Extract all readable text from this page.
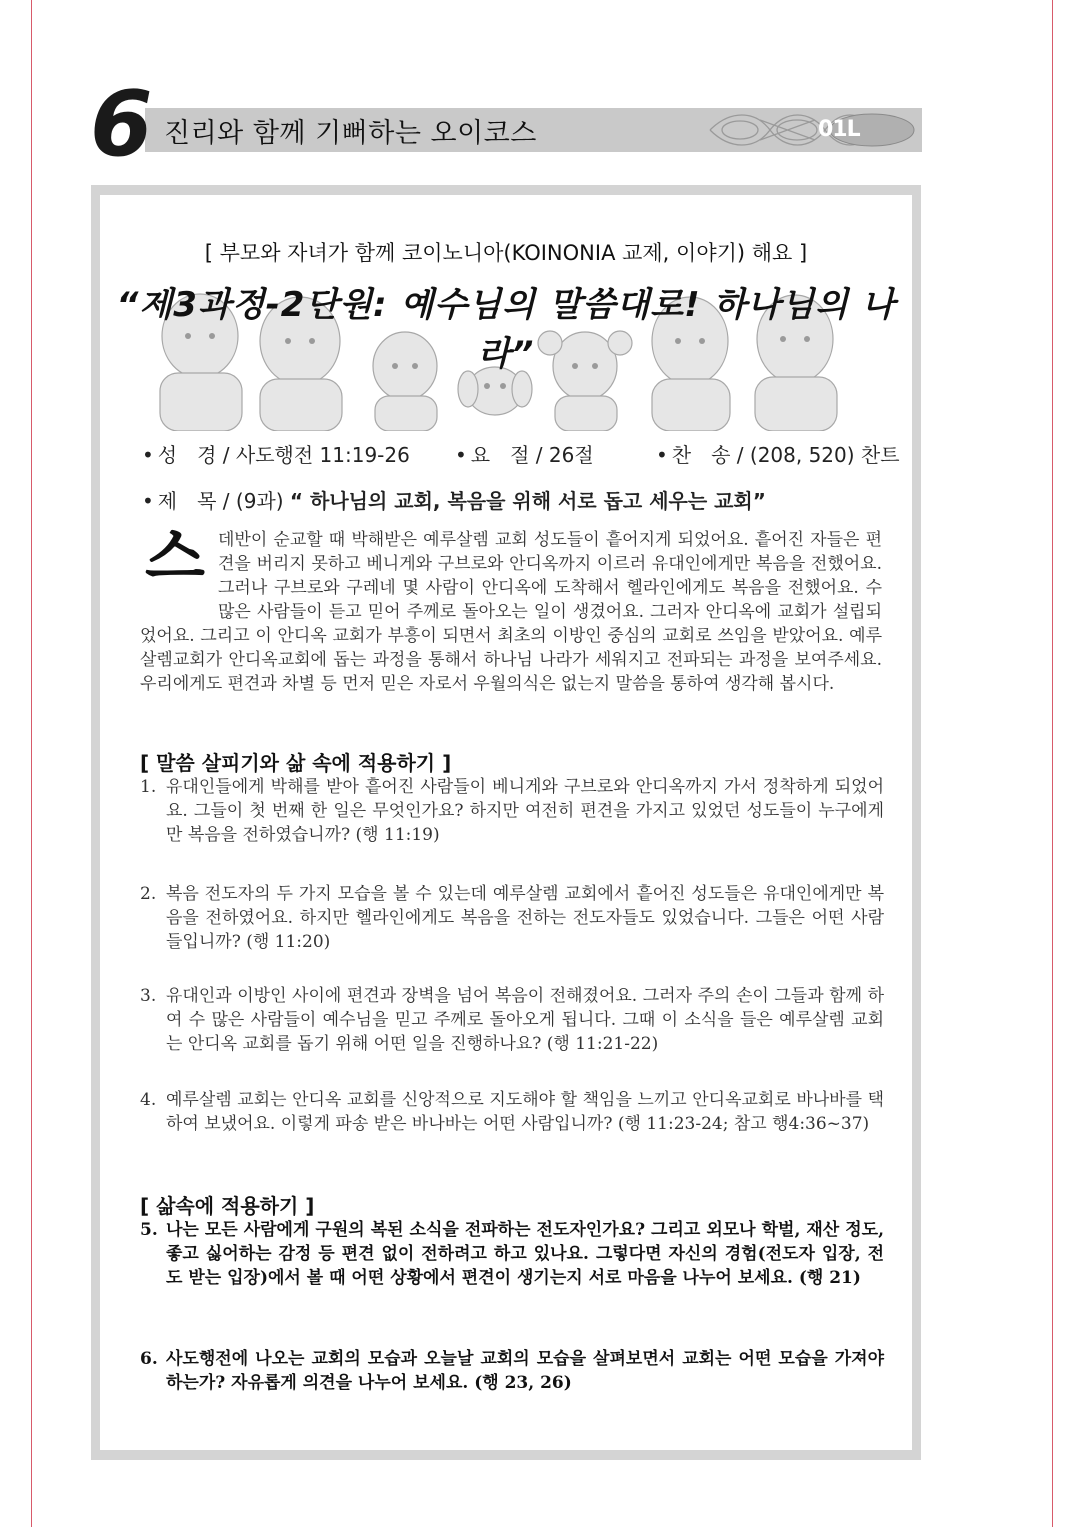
6 진리와 함께 기뻐하는 오이코스	01L
[ 부모와 자녀가 함께 코이노니아(KOINONIA 교제, 이야기) 해요 ]
“제3과정-2단원: 예수님의 말씀대로! 하나님의 나라”
• 성　경 / 사도행전 11:19-26 • 요　절 / 26절	• 찬　송 / (208, 520) 찬트
• 제　목 / (9과) “ 하나님의 교회, 복음을 위해 서로 돕고 세우는 교회”
스 데반이 순교할 때 박해받은 예루살렘 교회 성도들이 흩어지게 되었어요. 흩어진 자들은 편견을 버리지 못하고 베니게와 구브로와 안디옥까지 이르러 유대인에게만 복음을 전했어요. 그러나 구브로와 구레네 몇 사람이 안디옥에 도착해서 헬라인에게도 복음을 전했어요. 수 많은 사람들이 듣고 믿어 주께로 돌아오는 일이 생겼어요. 그러자 안디옥에 교회가 설립되었어요. 그리고 이 안디옥 교회가 부흥이 되면서 최초의 이방인 중심의 교회로 쓰임을 받았어요. 예루살렘교회가 안디옥교회에 돕는 과정을 통해서 하나님 나라가 세워지고 전파되는 과정을 보여주세요. 우리에게도 편견과 차별 등 먼저 믿은 자로서 우월의식은 없는지 말씀을 통하여 생각해 봅시다.
[ 말씀 살피기와 삶 속에 적용하기 ]
1. 유대인들에게 박해를 받아 흩어진 사람들이 베니게와 구브로와 안디옥까지 가서 정착하게 되었어요. 그들이 첫 번째 한 일은 무엇인가요? 하지만 여전히 편견을 가지고 있었던 성도들이 누구에게만 복음을 전하였습니까? (행 11:19)
2. 복음 전도자의 두 가지 모습을 볼 수 있는데 예루살렘 교회에서 흩어진 성도들은 유대인에게만 복음을 전하였어요. 하지만 헬라인에게도 복음을 전하는 전도자들도 있었습니다. 그들은 어떤 사람들입니까? (행 11:20)
3. 유대인과 이방인 사이에 편견과 장벽을 넘어 복음이 전해졌어요. 그러자 주의 손이 그들과 함께 하여 수 많은 사람들이 예수님을 믿고 주께로 돌아오게 됩니다. 그때 이 소식을 들은 예루살렘 교회는 안디옥 교회를 돕기 위해 어떤 일을 진행하나요? (행 11:21-22)
4. 예루살렘 교회는 안디옥 교회를 신앙적으로 지도해야 할 책임을 느끼고 안디옥교회로 바나바를 택하여 보냈어요. 이렇게 파송 받은 바나바는 어떤 사람입니까? (행 11:23-24; 참고 행4:36~37)
[ 삶속에 적용하기 ]
5. 나는 모든 사람에게 구원의 복된 소식을 전파하는 전도자인가요? 그리고 외모나 학벌, 재산 정도, 좋고 싫어하는 감정 등 편견 없이 전하려고 하고 있나요. 그렇다면 자신의 경험(전도자 입장, 전도 받는 입장)에서 볼 때 어떤 상황에서 편견이 생기는지 서로 마음을 나누어 보세요. (행 21)
6. 사도행전에 나오는 교회의 모습과 오늘날 교회의 모습을 살펴보면서 교회는 어떤 모습을 가져야 하는가? 자유롭게 의견을 나누어 보세요. (행 23, 26)
